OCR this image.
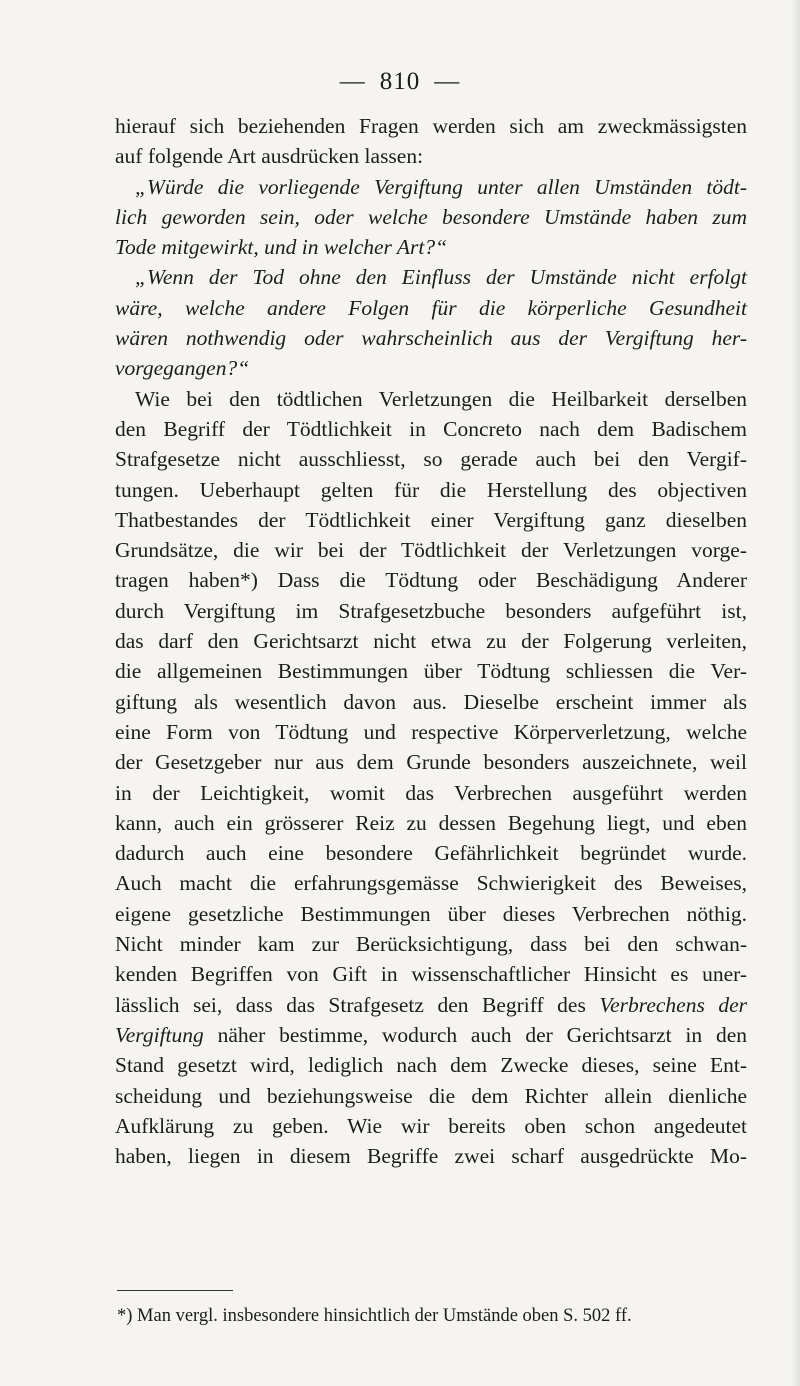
— 810 —
hierauf sich beziehenden Fragen werden sich am zweckmässigsten
auf folgende Art ausdrücken lassen:
„Würde die vorliegende Vergiftung unter allen Umständen tödt-
lich geworden sein, oder welche besondere Umstände haben zum
Tode mitgewirkt, und in welcher Art?“
„Wenn der Tod ohne den Einfluss der Umstände nicht erfolgt
wäre, welche andere Folgen für die körperliche Gesundheit
wären nothwendig oder wahrscheinlich aus der Vergiftung her-
vorgegangen?“
Wie bei den tödtlichen Verletzungen die Heilbarkeit derselben
den Begriff der Tödtlichkeit in Concreto nach dem Badischem
Strafgesetze nicht ausschliesst, so gerade auch bei den Vergif-
tungen. Ueberhaupt gelten für die Herstellung des objectiven
Thatbestandes der Tödtlichkeit einer Vergiftung ganz dieselben
Grundsätze, die wir bei der Tödtlichkeit der Verletzungen vorge-
tragen haben*) Dass die Tödtung oder Beschädigung Anderer
durch Vergiftung im Strafgesetzbuche besonders aufgeführt ist,
das darf den Gerichtsarzt nicht etwa zu der Folgerung verleiten,
die allgemeinen Bestimmungen über Tödtung schliessen die Ver-
giftung als wesentlich davon aus. Dieselbe erscheint immer als
eine Form von Tödtung und respective Körperverletzung, welche
der Gesetzgeber nur aus dem Grunde besonders auszeichnete, weil
in der Leichtigkeit, womit das Verbrechen ausgeführt werden
kann, auch ein grösserer Reiz zu dessen Begehung liegt, und eben
dadurch auch eine besondere Gefährlichkeit begründet wurde.
Auch macht die erfahrungsgemässe Schwierigkeit des Beweises,
eigene gesetzliche Bestimmungen über dieses Verbrechen nöthig.
Nicht minder kam zur Berücksichtigung, dass bei den schwan-
kenden Begriffen von Gift in wissenschaftlicher Hinsicht es uner-
lässlich sei, dass das Strafgesetz den Begriff des Verbrechens der
Vergiftung näher bestimme, wodurch auch der Gerichtsarzt in den
Stand gesetzt wird, lediglich nach dem Zwecke dieses, seine Ent-
scheidung und beziehungsweise die dem Richter allein dienliche
Aufklärung zu geben. Wie wir bereits oben schon angedeutet
haben, liegen in diesem Begriffe zwei scharf ausgedrückte Mo-
*) Man vergl. insbesondere hinsichtlich der Umstände oben S. 502 ff.
